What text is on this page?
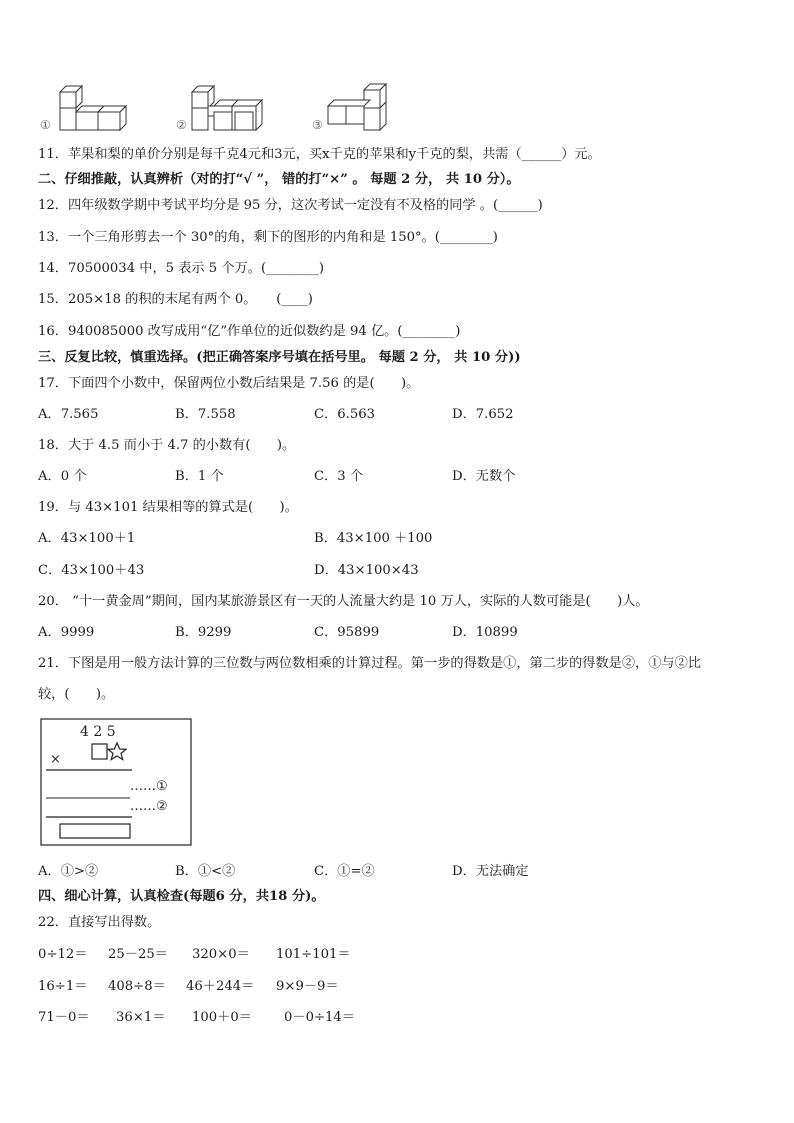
①	②	③
11．苹果和梨的单价分别是每千克4元和3元，买x千克的苹果和y千克的梨，共需（______）元。
二、仔细推敲，认真辨析（对的打“√ ”， 错的打“×” 。 每题 2 分， 共 10 分）。
12．四年级数学期中考试平均分是 95 分，这次考试一定没有不及格的同学 。(______)
13．一个三角形剪去一个 30°的角，剩下的图形的内角和是 150°。(________)
14．70500034 中，5 表示 5 个万。(________)
15．205×18 的积的末尾有两个 0。　　(____)
16．940085000 改写成用“亿”作单位的近似数约是 94 亿。(________)
三、反复比较，慎重选择。(把正确答案序号填在括号里。 每题 2 分， 共 10 分))
17．下面四个小数中，保留两位小数后结果是 7.56 的是(　　)。
A．7.565	B．7.558	C．6.563	D．7.652
18．大于 4.5 而小于 4.7 的小数有(　　)。
A．0 个	B．1 个	C．3 个	D．无数个
19．与 43×101 结果相等的算式是(　　)。
A．43×100＋1	B．43×100 ＋100
C．43×100＋43	D．43×100×43
20． “十一黄金周”期间，国内某旅游景区有一天的人流量大约是 10 万人，实际的人数可能是(　　)人。
A．9999	B．9299	C．95899	D．10899
21．下图是用一般方法计算的三位数与两位数相乘的计算过程。第一步的得数是①，第二步的得数是②，①与②比
较，(　　)。
4 2 5
×
……①
……②
A．①>②	B．①<②	C．①=②	D．无法确定
四、细心计算，认真检查(每题6 分，共18 分)。
22．直接写出得数。
0÷12＝ 25－25＝ 320×0＝ 101÷101＝
16÷1＝ 408÷8＝ 46＋244＝ 9×9－9＝
71－0＝ 36×1＝ 100＋0＝ 0－0÷14＝
